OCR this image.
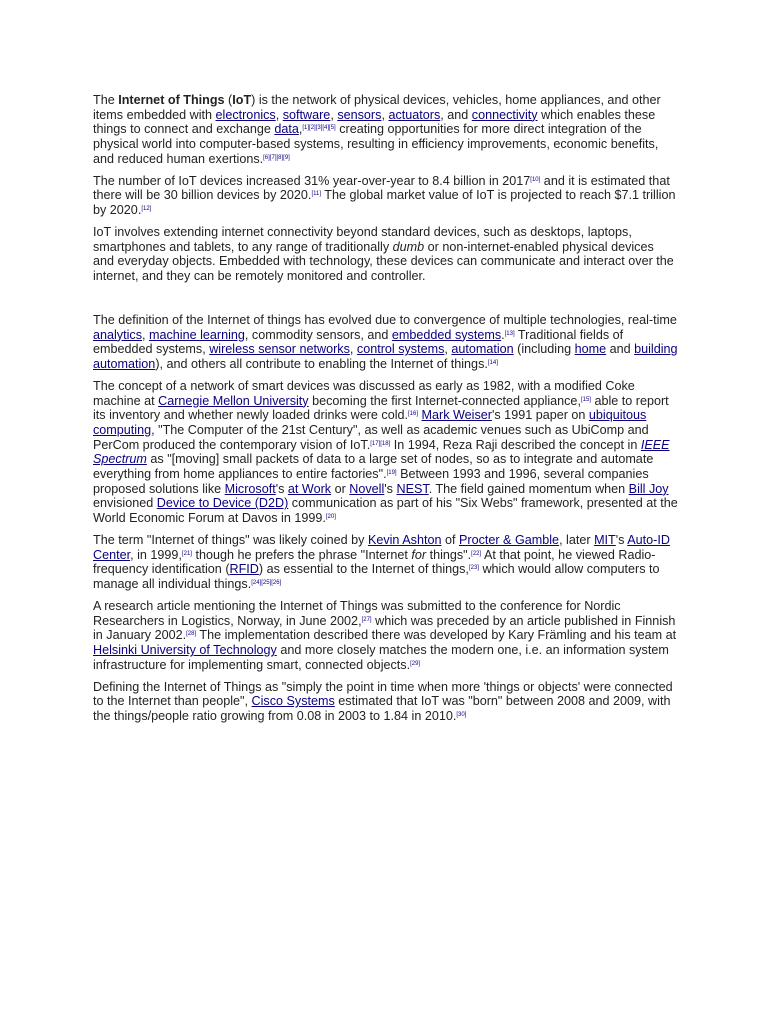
The Internet of Things (IoT) is the network of physical devices, vehicles, home appliances, and other items embedded with electronics, software, sensors, actuators, and connectivity which enables these things to connect and exchange data,[1][2][3][4][5] creating opportunities for more direct integration of the physical world into computer-based systems, resulting in efficiency improvements, economic benefits, and reduced human exertions.[6][7][8][9]

The number of IoT devices increased 31% year-over-year to 8.4 billion in 2017[10] and it is estimated that there will be 30 billion devices by 2020.[11] The global market value of IoT is projected to reach $7.1 trillion by 2020.[12]

IoT involves extending internet connectivity beyond standard devices, such as desktops, laptops, smartphones and tablets, to any range of traditionally dumb or non-internet-enabled physical devices and everyday objects. Embedded with technology, these devices can communicate and interact over the internet, and they can be remotely monitored and controller.

The definition of the Internet of things has evolved due to convergence of multiple technologies, real-time analytics, machine learning, commodity sensors, and embedded systems.[13] Traditional fields of embedded systems, wireless sensor networks, control systems, automation (including home and building automation), and others all contribute to enabling the Internet of things.[14]

The concept of a network of smart devices was discussed as early as 1982, with a modified Coke machine at Carnegie Mellon University becoming the first Internet-connected appliance,[15] able to report its inventory and whether newly loaded drinks were cold.[16] Mark Weiser's 1991 paper on ubiquitous computing, "The Computer of the 21st Century", as well as academic venues such as UbiComp and PerCom produced the contemporary vision of IoT.[17][18] In 1994, Reza Raji described the concept in IEEE Spectrum as "[moving] small packets of data to a large set of nodes, so as to integrate and automate everything from home appliances to entire factories".[19] Between 1993 and 1996, several companies proposed solutions like Microsoft's at Work or Novell's NEST. The field gained momentum when Bill Joy envisioned Device to Device (D2D) communication as part of his "Six Webs" framework, presented at the World Economic Forum at Davos in 1999.[20]

The term "Internet of things" was likely coined by Kevin Ashton of Procter & Gamble, later MIT's Auto-ID Center, in 1999,[21] though he prefers the phrase "Internet for things".[22] At that point, he viewed Radio-frequency identification (RFID) as essential to the Internet of things,[23] which would allow computers to manage all individual things.[24][25][26]

A research article mentioning the Internet of Things was submitted to the conference for Nordic Researchers in Logistics, Norway, in June 2002,[27] which was preceded by an article published in Finnish in January 2002.[28] The implementation described there was developed by Kary Främling and his team at Helsinki University of Technology and more closely matches the modern one, i.e. an information system infrastructure for implementing smart, connected objects.[29]

Defining the Internet of Things as "simply the point in time when more 'things or objects' were connected to the Internet than people", Cisco Systems estimated that IoT was "born" between 2008 and 2009, with the things/people ratio growing from 0.08 in 2003 to 1.84 in 2010.[30]
